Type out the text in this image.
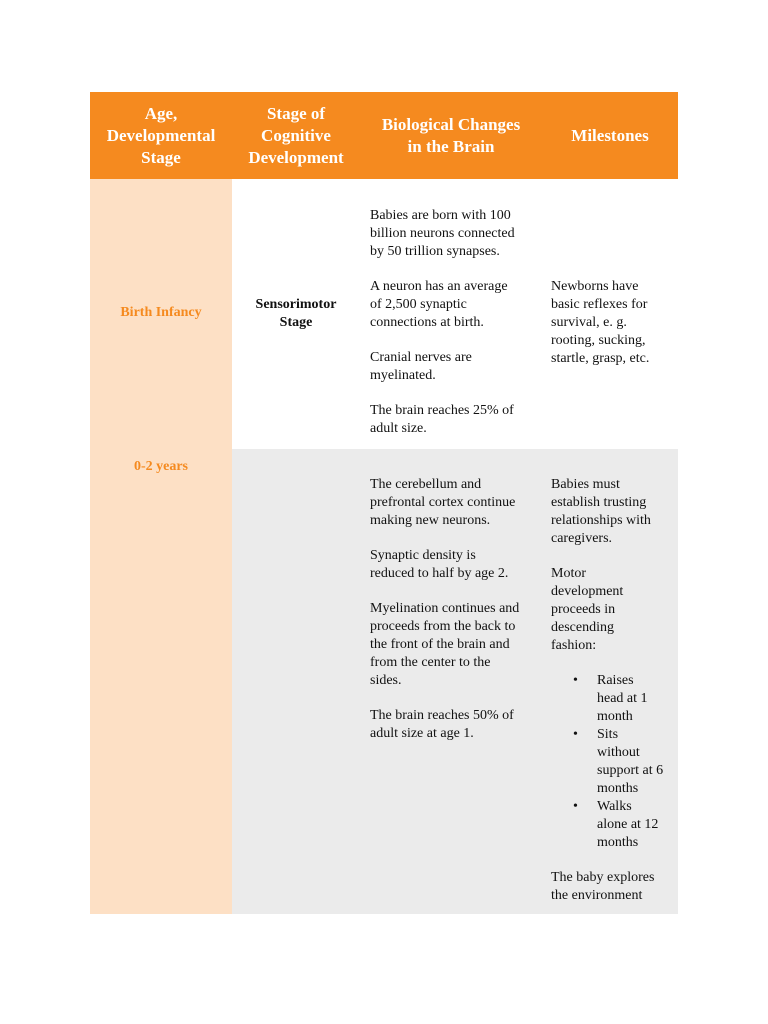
Age,
Developmental
Stage
Stage of
Cognitive
Development
Biological Changes
in the Brain
Milestones
Birth Infancy
0-2 years
Sensorimotor
Stage

Babies are born with 100
billion neurons connected
by 50 trillion synapses.

A neuron has an average
of 2,500 synaptic
connections at birth.

Cranial nerves are
myelinated.

The brain reaches 25% of
adult size.

Newborns have
basic reflexes for
survival, e. g.
rooting, sucking,
startle, grasp, etc.

The cerebellum and
prefrontal cortex continue
making new neurons.

Synaptic density is
reduced to half by age 2.

Myelination continues and
proceeds from the back to
the front of the brain and
from the center to the
sides.

The brain reaches 50% of
adult size at age 1.

Babies must
establish trusting
relationships with
caregivers.

Motor
development
proceeds in
descending
fashion:

• Raises
head at 1
month
• Sits
without
support at 6
months
• Walks
alone at 12
months

The baby explores
the environment
